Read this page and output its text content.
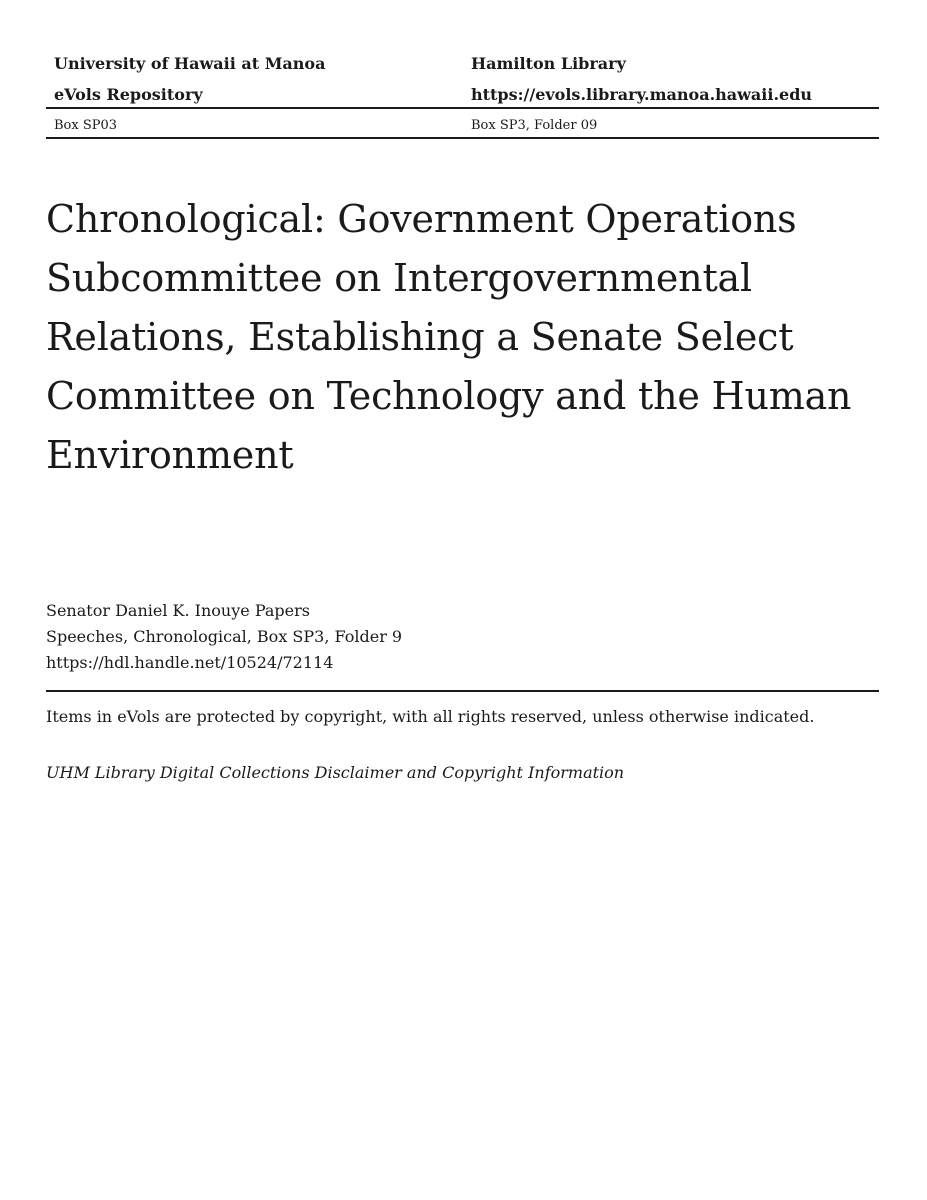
University of Hawaii at Manoa	Hamilton Library
eVols Repository	https://evols.library.manoa.hawaii.edu
Box SP03	Box SP3, Folder 09
Chronological: Government Operations Subcommittee on Intergovernmental Relations, Establishing a Senate Select Committee on Technology and the Human Environment
Senator Daniel K. Inouye Papers
Speeches, Chronological, Box SP3, Folder 9
https://hdl.handle.net/10524/72114
Items in eVols are protected by copyright, with all rights reserved, unless otherwise indicated.
UHM Library Digital Collections Disclaimer and Copyright Information
